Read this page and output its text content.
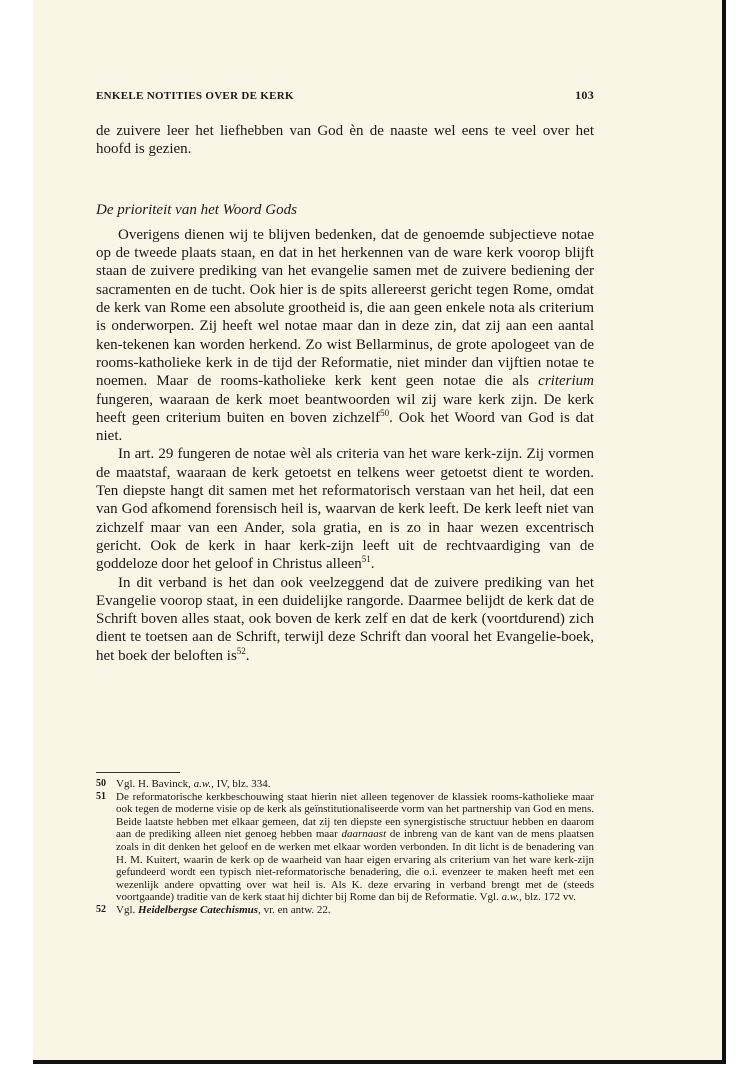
ENKELE NOTITIES OVER DE KERK	103

de zuivere leer het liefhebben van God èn de naaste wel eens te veel over het hoofd is gezien.

De prioriteit van het Woord Gods

Overigens dienen wij te blijven bedenken, dat de genoemde subjectieve notae op de tweede plaats staan, en dat in het herkennen van de ware kerk voorop blijft staan de zuivere prediking van het evangelie samen met de zuivere bediening der sacramenten en de tucht. Ook hier is de spits allereerst gericht tegen Rome, omdat de kerk van Rome een absolute grootheid is, die aan geen enkele nota als criterium is onderworpen. Zij heeft wel notae maar dan in deze zin, dat zij aan een aantal ken-tekenen kan worden herkend. Zo wist Bellarminus, de grote apologeet van de rooms-katholieke kerk in de tijd der Reformatie, niet minder dan vijftien notae te noemen. Maar de rooms-katholieke kerk kent geen notae die als criterium fungeren, waaraan de kerk moet beantwoorden wil zij ware kerk zijn. De kerk heeft geen criterium buiten en boven zichzelf$^{50}$. Ook het Woord van God is dat niet.

In art. 29 fungeren de notae wèl als criteria van het ware kerk-zijn. Zij vormen de maatstaf, waaraan de kerk getoetst en telkens weer getoetst dient te worden. Ten diepste hangt dit samen met het reformatorisch verstaan van het heil, dat een van God afkomend forensisch heil is, waarvan de kerk leeft. De kerk leeft niet van zichzelf maar van een Ander, sola gratia, en is zo in haar wezen excentrisch gericht. Ook de kerk in haar kerk-zijn leeft uit de rechtvaardiging van de goddeloze door het geloof in Christus alleen$^{51}$.

In dit verband is het dan ook veelzeggend dat de zuivere prediking van het Evangelie voorop staat, in een duidelijke rangorde. Daarmee belijdt de kerk dat de Schrift boven alles staat, ook boven de kerk zelf en dat de kerk (voortdurend) zich dient te toetsen aan de Schrift, terwijl deze Schrift dan vooral het Evangelie-boek, het boek der beloften $is^{52}$.

50 Vgl. H. Bavinck, a.w., IV, blz. 334.
51 De reformatorische kerkbeschouwing staat hierin niet alleen tegenover de klassiek rooms-katholieke maar ook tegen de moderne visie op de kerk als geïnstitutionaliseerde vorm van het partnership van God en mens. Beide laatste hebben met elkaar gemeen, dat zij ten diepste een synergistische structuur hebben en daarom aan de prediking alleen niet genoeg hebben maar daarnaast de inbreng van de kant van de mens plaatsen zoals in dit denken het geloof en de werken met elkaar worden verbonden. In dit licht is de benadering van H. M. Kuitert, waarin de kerk op de waarheid van haar eigen ervaring als criterium van het ware kerk-zijn gefundeerd wordt een typisch niet-reformatorische benadering, die o.i. evenzeer te maken heeft met een wezenlijk andere opvatting over wat heil is. Als K. deze ervaring in verband brengt met de (steeds voortgaande) traditie van de kerk staat hij dichter bij Rome dan bij de Reformatie. Vgl. a.w., blz. 172 vv.
52 Vgl. Heidelbergse Catechismus, vr. en antw. 22.
